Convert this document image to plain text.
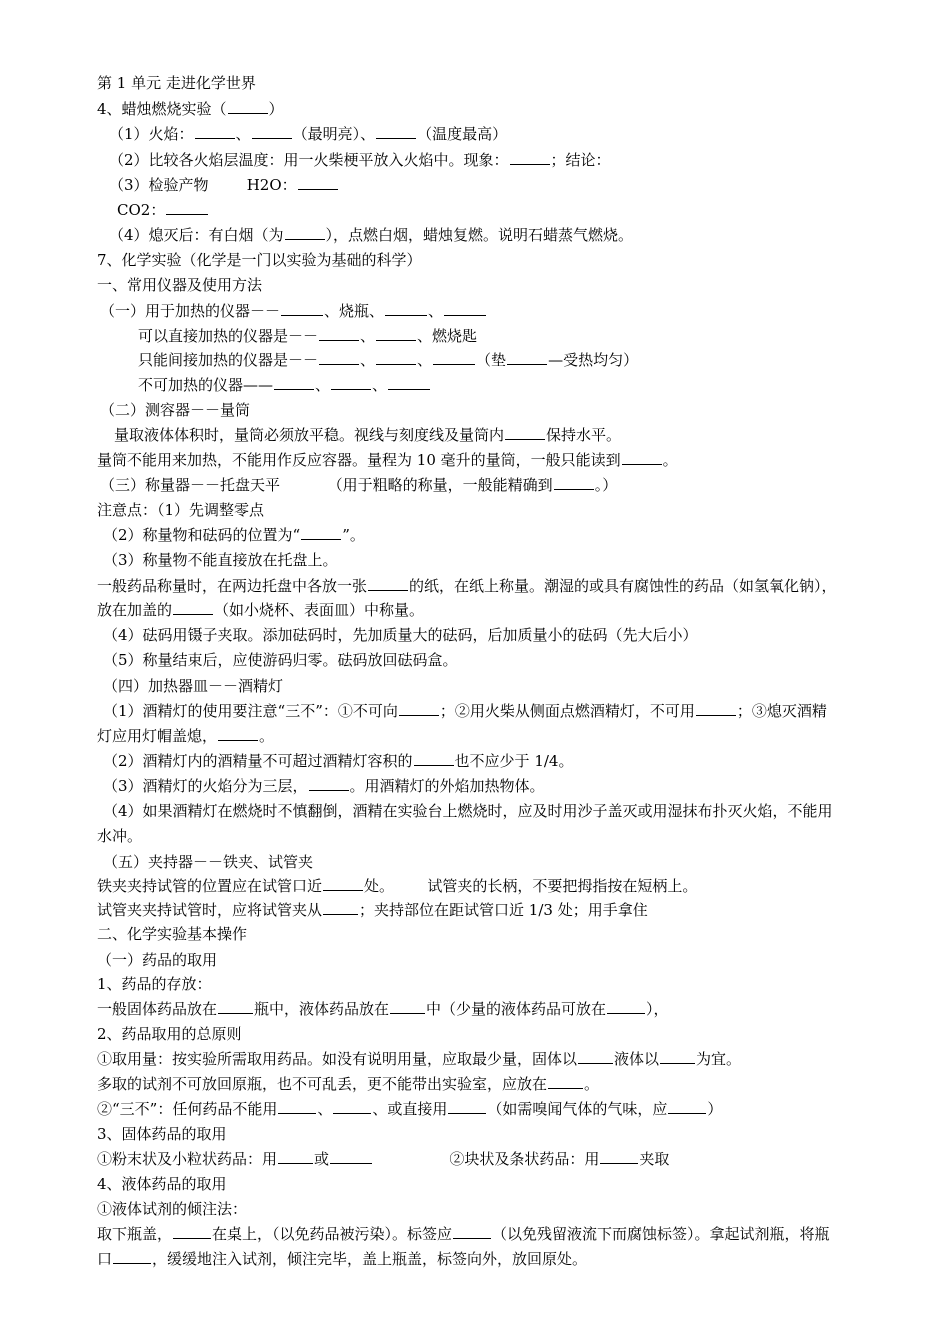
第 1 单元 走进化学世界
4、蜡烛燃烧实验（	）
（1）火焰：	、	（最明亮）、	（温度最高）
（2）比较各火焰层温度：用一火柴梗平放入火焰中。现象：	；结论：
（3）检验产物        H2O：
CO2：
（4）熄灭后：有白烟（为	），点燃白烟，蜡烛复燃。说明石蜡蒸气燃烧。
7、化学实验（化学是一门以实验为基础的科学）
一、常用仪器及使用方法
（一）用于加热的仪器－－	、烧瓶、	、
可以直接加热的仪器是－－	、	、燃烧匙
只能间接加热的仪器是－－	、	、	（垫	—受热均匀）
不可加热的仪器——	、	、
（二）测容器－－量筒
量取液体体积时，量筒必须放平稳。视线与刻度线及量筒内	保持水平。
量筒不能用来加热，不能用作反应容器。量程为 10 毫升的量筒，一般只能读到	。
（三）称量器－－托盘天平          （用于粗略的称量，一般能精确到	。）
注意点：（1）先调整零点
（2）称量物和砝码的位置为“	”。
（3）称量物不能直接放在托盘上。
一般药品称量时，在两边托盘中各放一张	的纸，在纸上称量。潮湿的或具有腐蚀性的药品（如氢氧化钠），
放在加盖的	（如小烧杯、表面皿）中称量。
（4）砝码用镊子夹取。添加砝码时，先加质量大的砝码，后加质量小的砝码（先大后小）
（5）称量结束后，应使游码归零。砝码放回砝码盒。
（四）加热器皿－－酒精灯
（1）酒精灯的使用要注意“三不”：①不可向	；②用火柴从侧面点燃酒精灯，不可用	；③熄灭酒精
灯应用灯帽盖熄，	。
（2）酒精灯内的酒精量不可超过酒精灯容积的	也不应少于 1/4。
（3）酒精灯的火焰分为三层，	。用酒精灯的外焰加热物体。
（4）如果酒精灯在燃烧时不慎翻倒，酒精在实验台上燃烧时，应及时用沙子盖灭或用湿抹布扑灭火焰，不能用
水冲。
（五）夹持器－－铁夹、试管夹
铁夹夹持试管的位置应在试管口近	处。       试管夹的长柄，不要把拇指按在短柄上。
试管夹夹持试管时，应将试管夹从 ；夹持部位在距试管口近 1/3 处；用手拿住
二、化学实验基本操作
（一）药品的取用
1、药品的存放：
一般固体药品放在 瓶中，液体药品放在 中（少量的液体药品可放在	），
2、药品取用的总原则
①取用量：按实验所需取用药品。如没有说明用量，应取最少量，固体以 液体以 为宜。
多取的试剂不可放回原瓶，也不可乱丢，更不能带出实验室，应放在 。
②“三不”：任何药品不能用	、	、或直接用	（如需嗅闻气体的气味，应	）
3、固体药品的取用
①粉末状及小粒状药品：用 或	②块状及条状药品：用	夹取
4、液体药品的取用
①液体试剂的倾注法：
取下瓶盖，	在桌上，（以免药品被污染）。标签应	（以免残留液流下而腐蚀标签）。拿起试剂瓶，将瓶
口	，缓缓地注入试剂，倾注完毕，盖上瓶盖，标签向外，放回原处。
